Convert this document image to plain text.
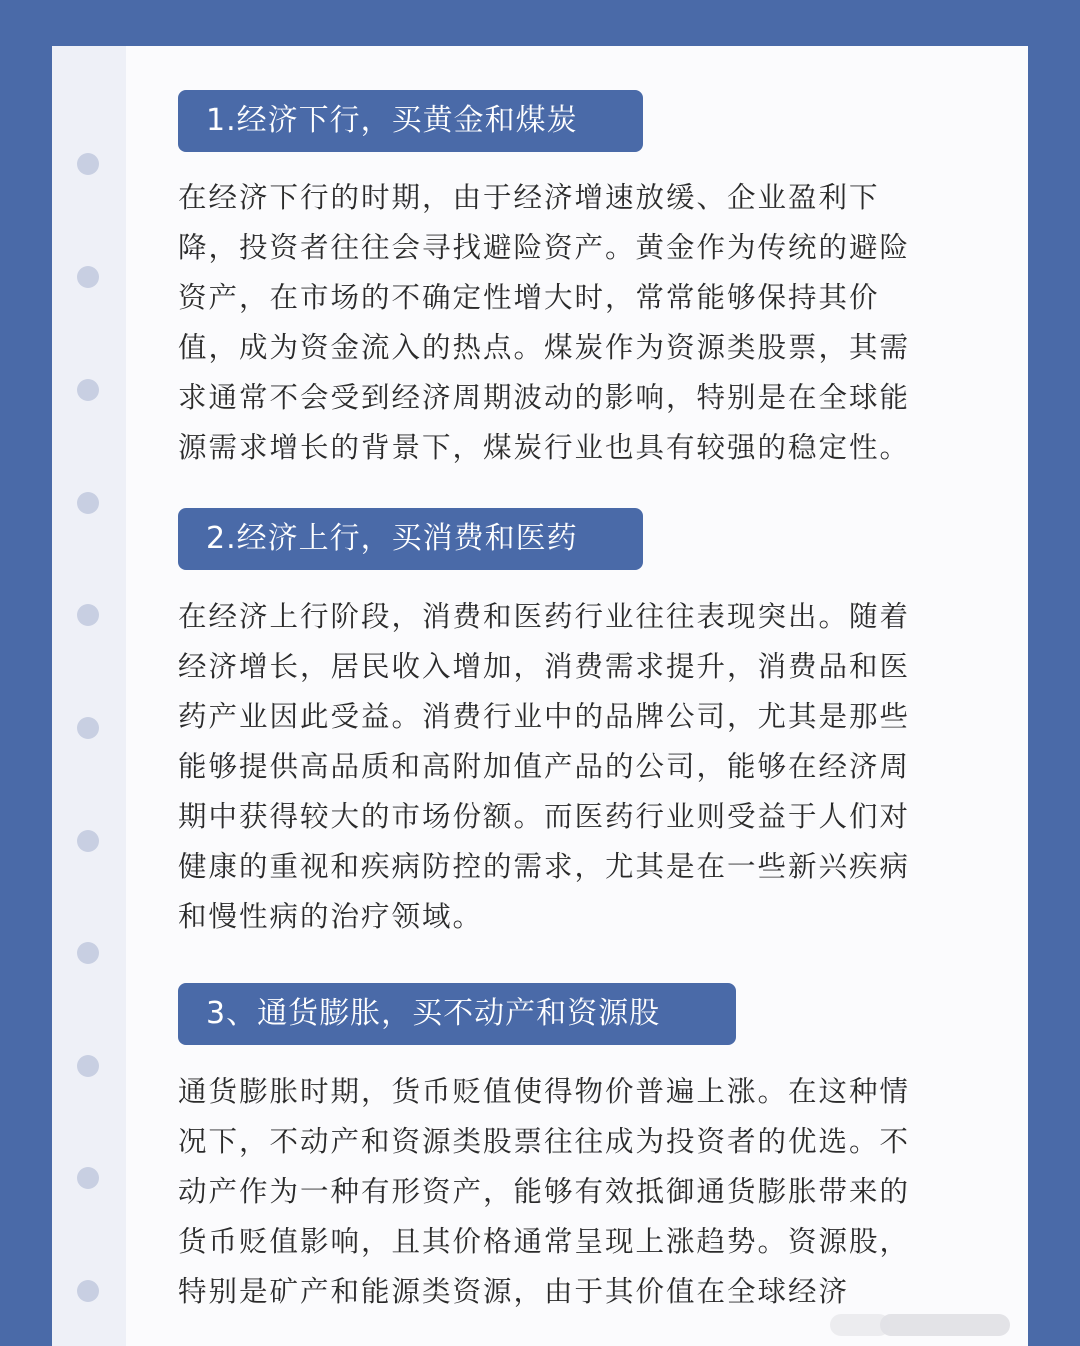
1.经济下行，买黄金和煤炭

在经济下行的时期，由于经济增速放缓、企业盈利下
降，投资者往往会寻找避险资产。黄金作为传统的避险
资产，在市场的不确定性增大时，常常能够保持其价
值，成为资金流入的热点。煤炭作为资源类股票，其需
求通常不会受到经济周期波动的影响，特别是在全球能
源需求增长的背景下，煤炭行业也具有较强的稳定性。

2.经济上行，买消费和医药

在经济上行阶段，消费和医药行业往往表现突出。随着
经济增长，居民收入增加，消费需求提升，消费品和医
药产业因此受益。消费行业中的品牌公司，尤其是那些
能够提供高品质和高附加值产品的公司，能够在经济周
期中获得较大的市场份额。而医药行业则受益于人们对
健康的重视和疾病防控的需求，尤其是在一些新兴疾病
和慢性病的治疗领域。

3、通货膨胀，买不动产和资源股

通货膨胀时期，货币贬值使得物价普遍上涨。在这种情
况下，不动产和资源类股票往往成为投资者的优选。不
动产作为一种有形资产，能够有效抵御通货膨胀带来的
货币贬值影响，且其价格通常呈现上涨趋势。资源股，
特别是矿产和能源类资源，由于其价值在全球经济
